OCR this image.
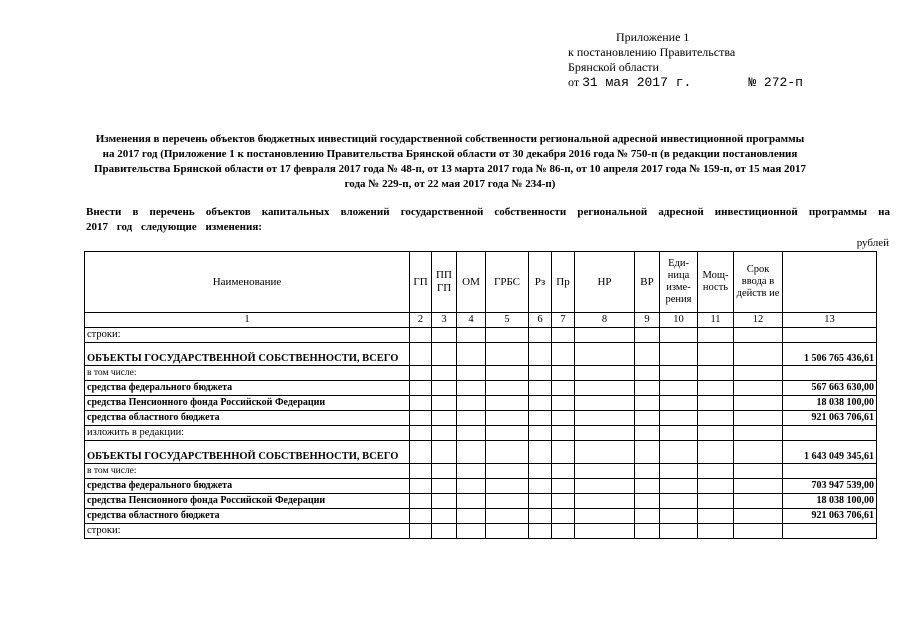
Приложение 1
к постановлению Правительства
Брянской области
от 31 мая 2017 г.	№ 272-п
Изменения в перечень объектов бюджетных инвестиций государственной собственности региональной адресной инвестиционной программы на 2017 год (Приложение 1 к постановлению Правительства Брянской области от 30 декабря 2016 года № 750-п (в редакции постановления Правительства Брянской области от 17 февраля 2017 года № 48-п, от 13 марта 2017 года № 86-п, от 10 апреля 2017 года № 159-п, от 15 мая 2017 года № 229-п, от 22 мая 2017 года № 234-п)
Внести в перечень объектов капитальных вложений государственной собственности региональной адресной инвестиционной программы на 2017 год следующие изменения:
рублей
Наименование	ГП	ПП ГП	ОМ	ГРБС	Рз	Пр	НР	ВР	Еди- ница изме- рения	Мощ- ность	Срок ввода в действ ие	
1	2	3	4	5	6	7	8	9	10	11	12	13
строки:												
ОБЪЕКТЫ ГОСУДАРСТВЕННОЙ СОБСТВЕННОСТИ, ВСЕГО												1 506 765 436,61
в том числе:												
средства федерального бюджета												567 663 630,00
средства Пенсионного фонда Российской Федерации												18 038 100,00
средства областного бюджета												921 063 706,61
изложить в редакции:												
ОБЪЕКТЫ ГОСУДАРСТВЕННОЙ СОБСТВЕННОСТИ, ВСЕГО												1 643 049 345,61
в том числе:												
средства федерального бюджета												703 947 539,00
средства Пенсионного фонда Российской Федерации												18 038 100,00
средства областного бюджета												921 063 706,61
строки:												
